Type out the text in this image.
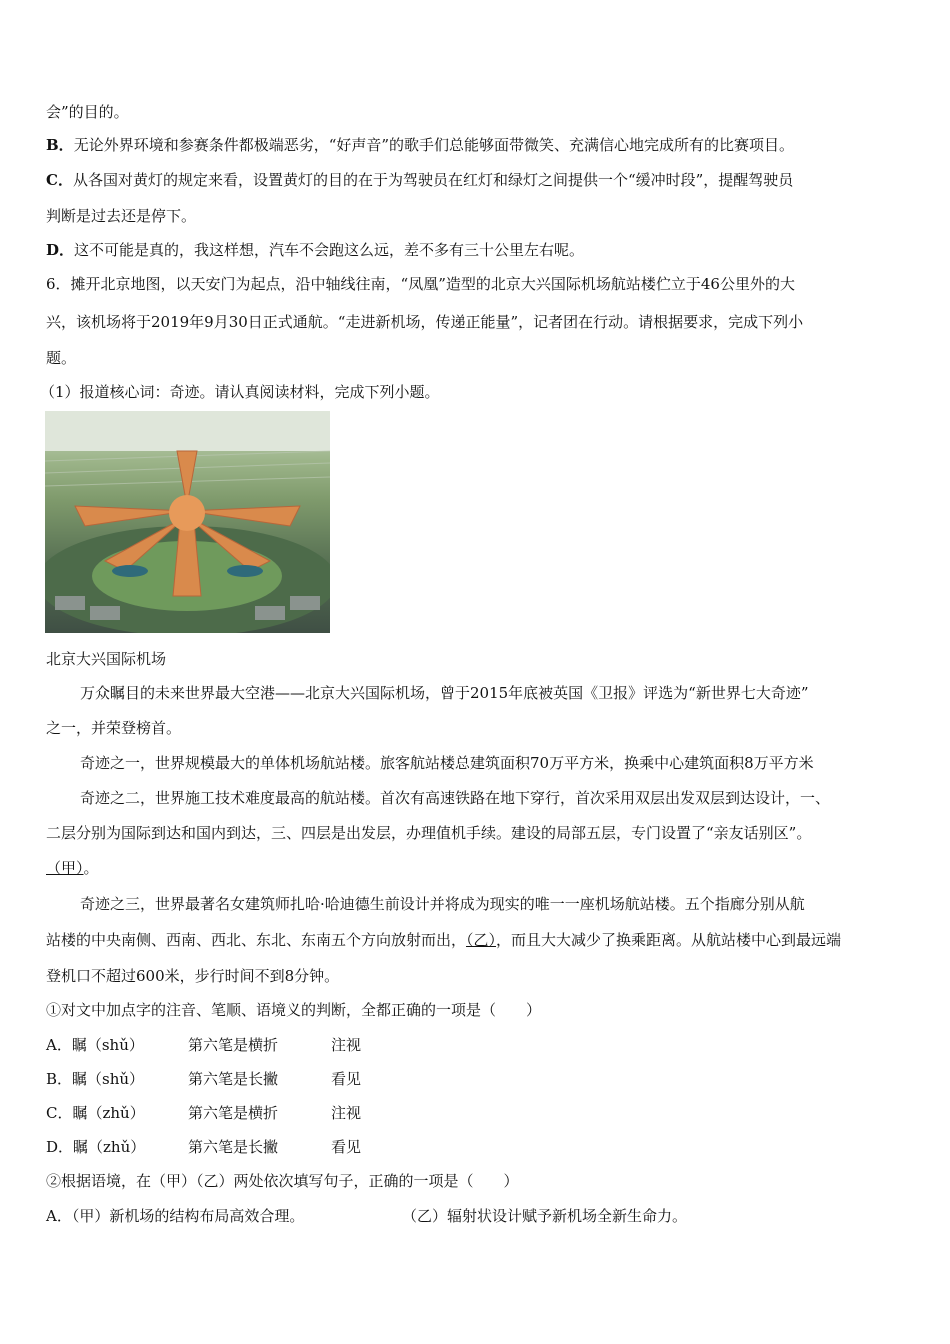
会”的目的。
B．无论外界环境和参赛条件都极端恶劣，“好声音”的歌手们总能够面带微笑、充满信心地完成所有的比赛项目。
C．从各国对黄灯的规定来看，设置黄灯的目的在于为驾驶员在红灯和绿灯之间提供一个“缓冲时段”，提醒驾驶员
判断是过去还是停下。
D．这不可能是真的，我这样想，汽车不会跑这么远，差不多有三十公里左右呢。
6．摊开北京地图，以天安门为起点，沿中轴线往南，“凤凰”造型的北京大兴国际机场航站楼伫立于46公里外的大
兴，该机场将于2019年9月30日正式通航。“走进新机场，传递正能量”，记者团在行动。请根据要求，完成下列小
题。
（1）报道核心词：奇迹。请认真阅读材料，完成下列小题。
北京大兴国际机场
万众瞩目的未来世界最大空港——北京大兴国际机场，曾于2015年底被英国《卫报》评选为“新世界七大奇迹”
之一，并荣登榜首。
奇迹之一，世界规模最大的单体机场航站楼。旅客航站楼总建筑面积70万平方米，换乘中心建筑面积8万平方米
奇迹之二，世界施工技术难度最高的航站楼。首次有高速铁路在地下穿行，首次采用双层出发双层到达设计，一、
二层分别为国际到达和国内到达，三、四层是出发层，办理值机手续。建设的局部五层，专门设置了“亲友话别区”。
（甲）。
奇迹之三，世界最著名女建筑师扎哈·哈迪德生前设计并将成为现实的唯一一座机场航站楼。五个指廊分别从航
站楼的中央南侧、西南、西北、东北、东南五个方向放射而出，（乙），而且大大减少了换乘距离。从航站楼中心到最远端
登机口不超过600米，步行时间不到8分钟。
①对文中加点字的注音、笔顺、语境义的判断，全都正确的一项是（　　）
A．瞩（shǔ）	第六笔是横折	注视
B．瞩（shǔ）	第六笔是长撇	看见
C．瞩（zhǔ）	第六笔是横折	注视
D．瞩（zhǔ）	第六笔是长撇	看见
②根据语境，在（甲）（乙）两处依次填写句子，正确的一项是（　　）
A．（甲）新机场的结构布局高效合理。	（乙）辐射状设计赋予新机场全新生命力。
